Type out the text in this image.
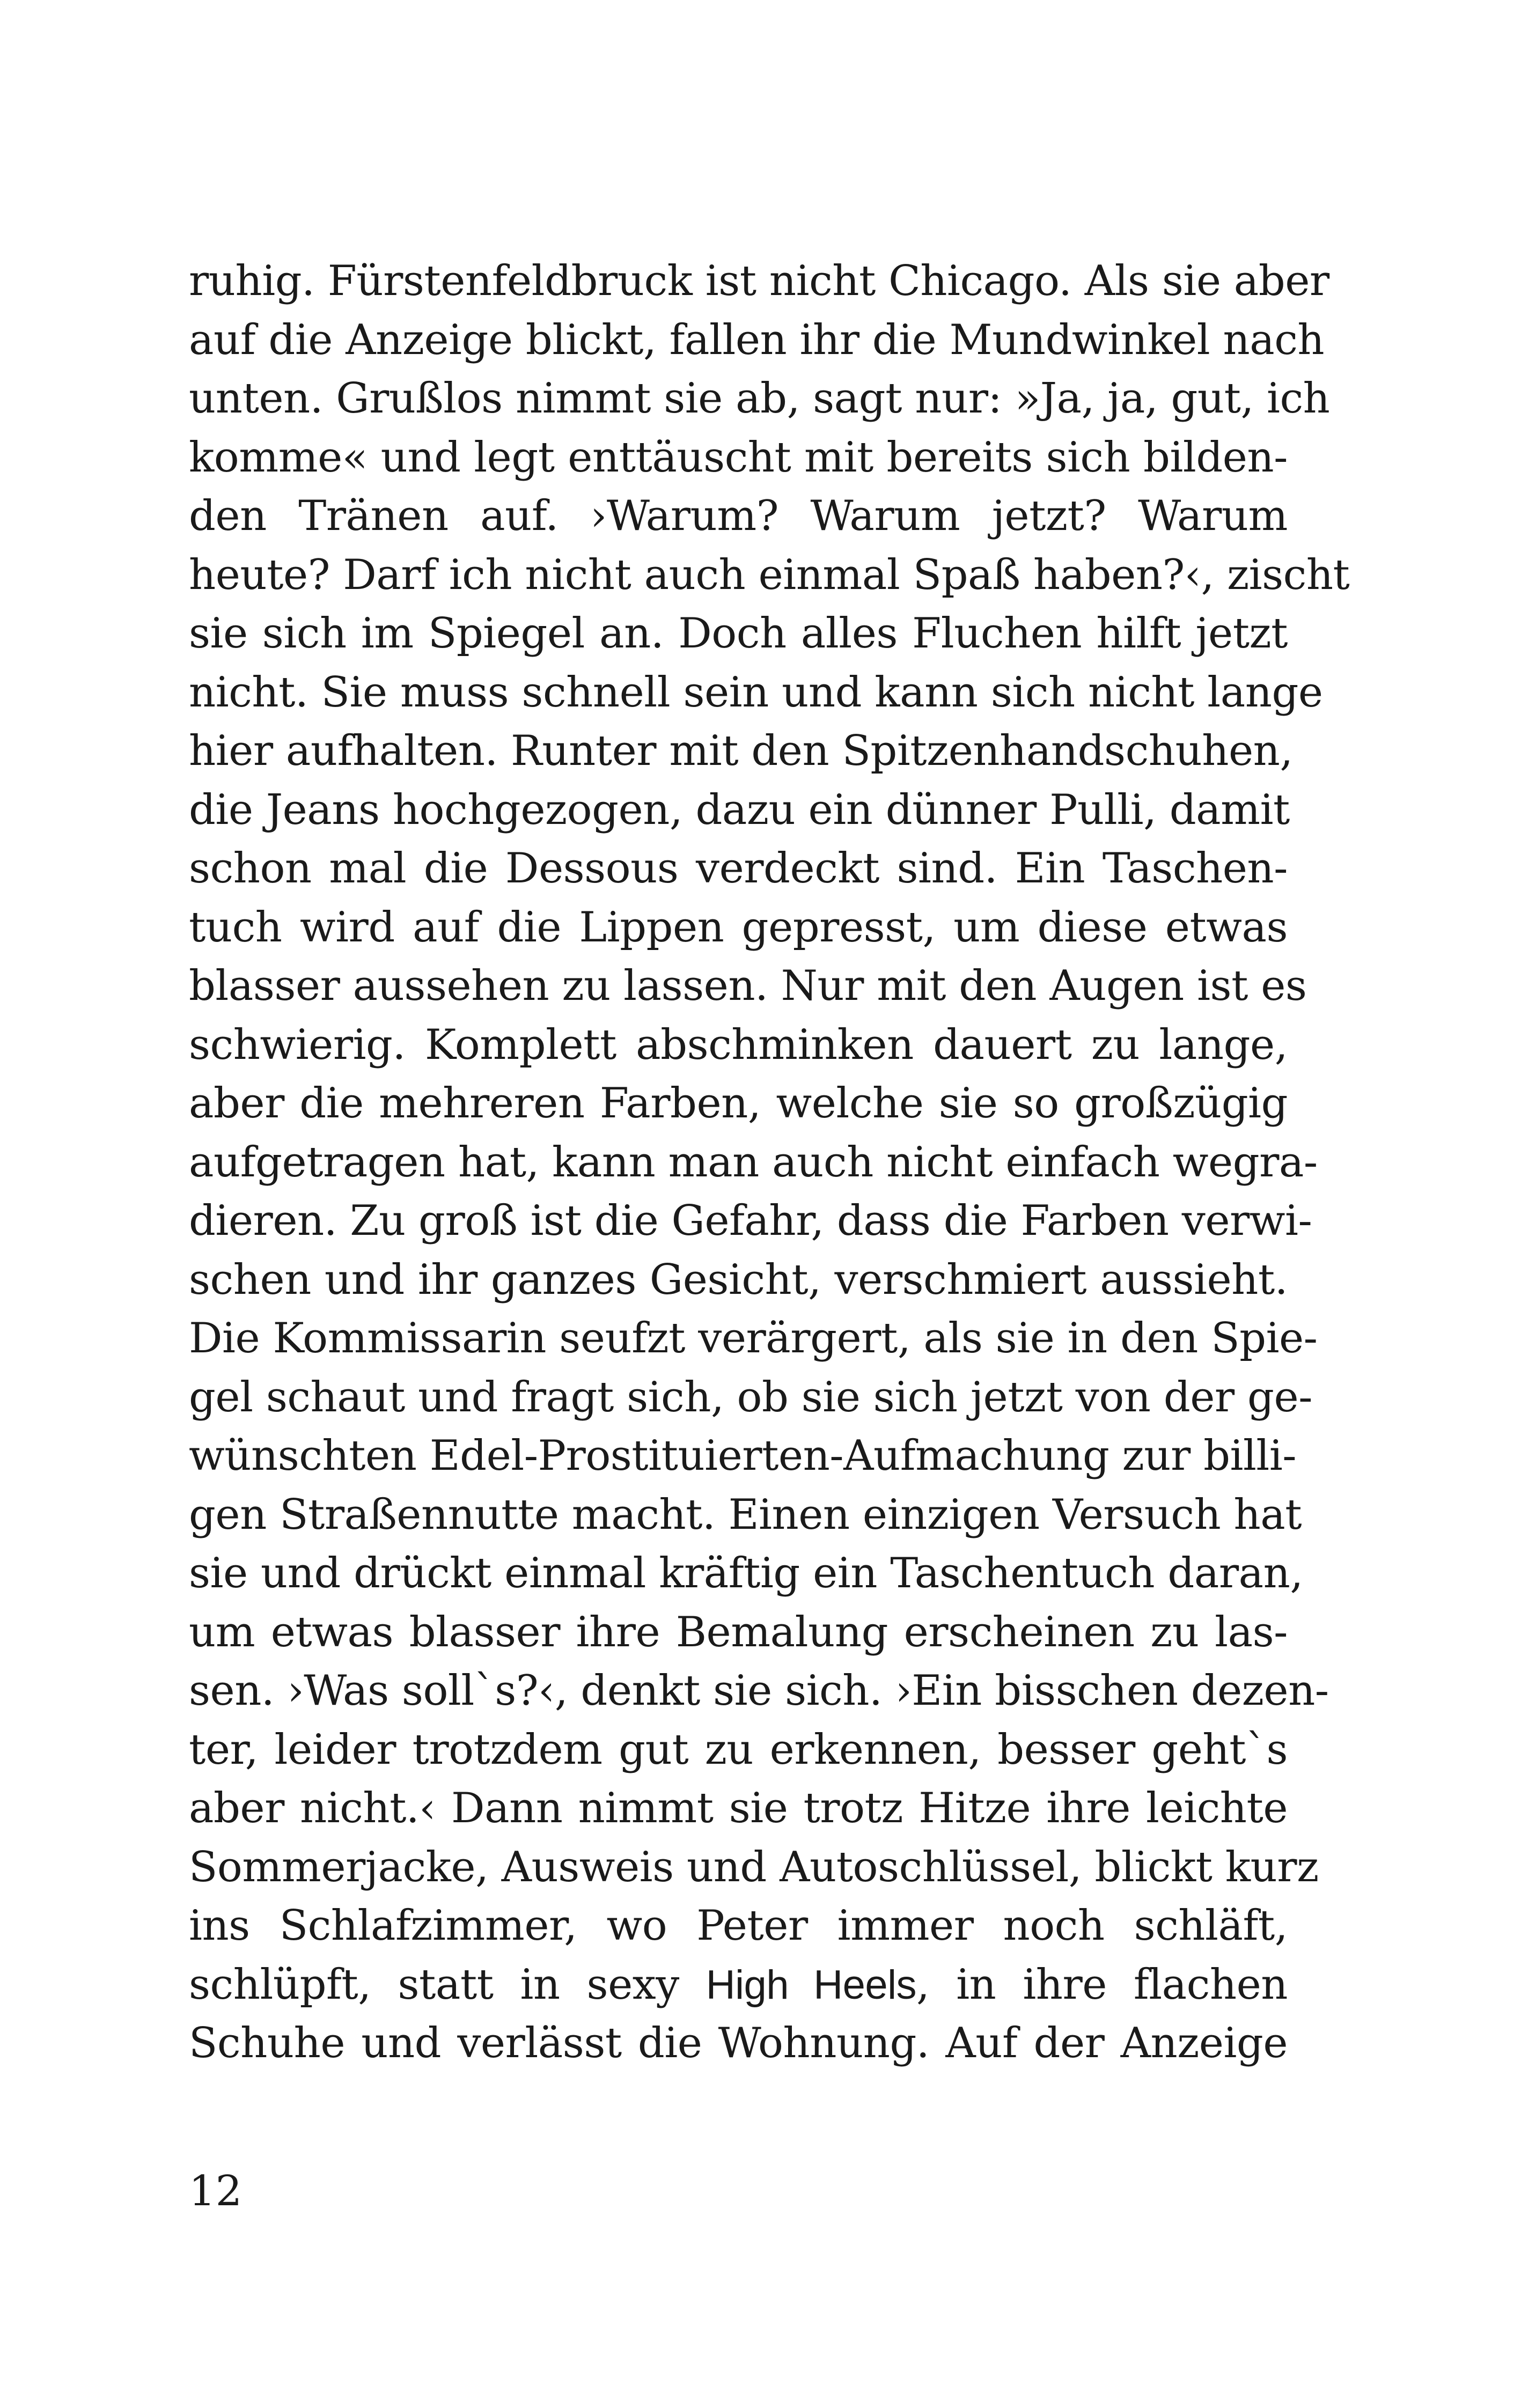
ruhig. Fürstenfeldbruck ist nicht Chicago. Als sie aber
auf die Anzeige blickt, fallen ihr die Mundwinkel nach
unten. Grußlos nimmt sie ab, sagt nur: »Ja, ja, gut, ich
komme« und legt enttäuscht mit bereits sich bilden-
den Tränen auf. ›Warum? Warum jetzt? Warum
heute? Darf ich nicht auch einmal Spaß haben?‹, zischt
sie sich im Spiegel an. Doch alles Fluchen hilft jetzt
nicht. Sie muss schnell sein und kann sich nicht lange
hier aufhalten. Runter mit den Spitzenhandschuhen,
die Jeans hochgezogen, dazu ein dünner Pulli, damit
schon mal die Dessous verdeckt sind. Ein Taschen-
tuch wird auf die Lippen gepresst, um diese etwas
blasser aussehen zu lassen. Nur mit den Augen ist es
schwierig. Komplett abschminken dauert zu lange,
aber die mehreren Farben, welche sie so großzügig
aufgetragen hat, kann man auch nicht einfach wegra-
dieren. Zu groß ist die Gefahr, dass die Farben verwi-
schen und ihr ganzes Gesicht, verschmiert aussieht.
Die Kommissarin seufzt verärgert, als sie in den Spie-
gel schaut und fragt sich, ob sie sich jetzt von der ge-
wünschten Edel-Prostituierten-Aufmachung zur billi-
gen Straßennutte macht. Einen einzigen Versuch hat
sie und drückt einmal kräftig ein Taschentuch daran,
um etwas blasser ihre Bemalung erscheinen zu las-
sen. ›Was soll`s?‹, denkt sie sich. ›Ein bisschen dezen-
ter, leider trotzdem gut zu erkennen, besser geht`s
aber nicht.‹ Dann nimmt sie trotz Hitze ihre leichte
Sommerjacke, Ausweis und Autoschlüssel, blickt kurz
ins Schlafzimmer, wo Peter immer noch schläft,
schlüpft, statt in sexy High Heels, in ihre flachen
Schuhe und verlässt die Wohnung. Auf der Anzeige

12
